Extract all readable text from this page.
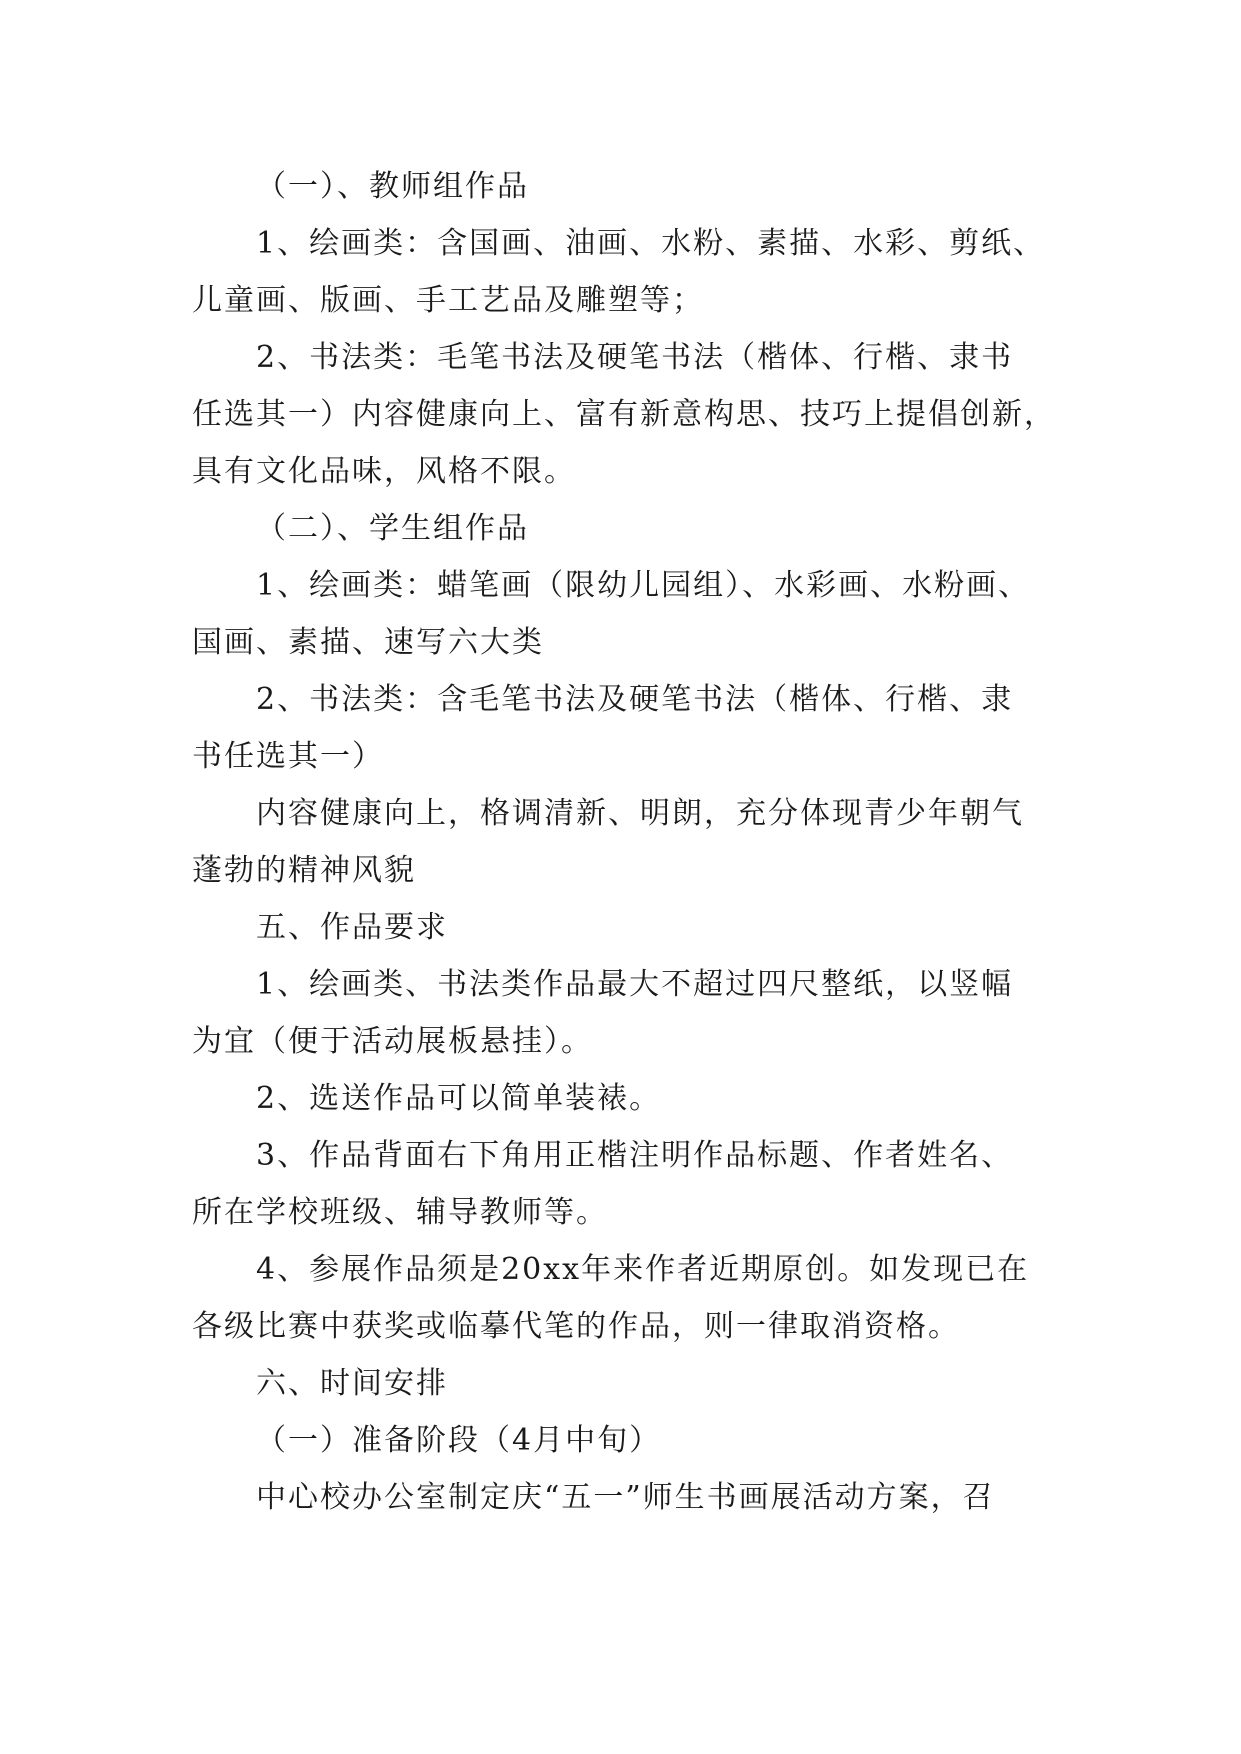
（一）、教师组作品
1、绘画类：含国画、油画、水粉、素描、水彩、剪纸、
儿童画、版画、手工艺品及雕塑等；
2、书法类：毛笔书法及硬笔书法（楷体、行楷、隶书
任选其一）内容健康向上、富有新意构思、技巧上提倡创新，
具有文化品味，风格不限。
（二）、学生组作品
1、绘画类：蜡笔画（限幼儿园组）、水彩画、水粉画、
国画、素描、速写六大类
2、书法类：含毛笔书法及硬笔书法（楷体、行楷、隶
书任选其一）
内容健康向上，格调清新、明朗，充分体现青少年朝气
蓬勃的精神风貌
五、作品要求
1、绘画类、书法类作品最大不超过四尺整纸，以竖幅
为宜（便于活动展板悬挂）。
2、选送作品可以简单装裱。
3、作品背面右下角用正楷注明作品标题、作者姓名、
所在学校班级、辅导教师等。
4、参展作品须是20xx年来作者近期原创。如发现已在
各级比赛中获奖或临摹代笔的作品，则一律取消资格。
六、时间安排
（一）准备阶段（4月中旬）
中心校办公室制定庆“五一”师生书画展活动方案，召
